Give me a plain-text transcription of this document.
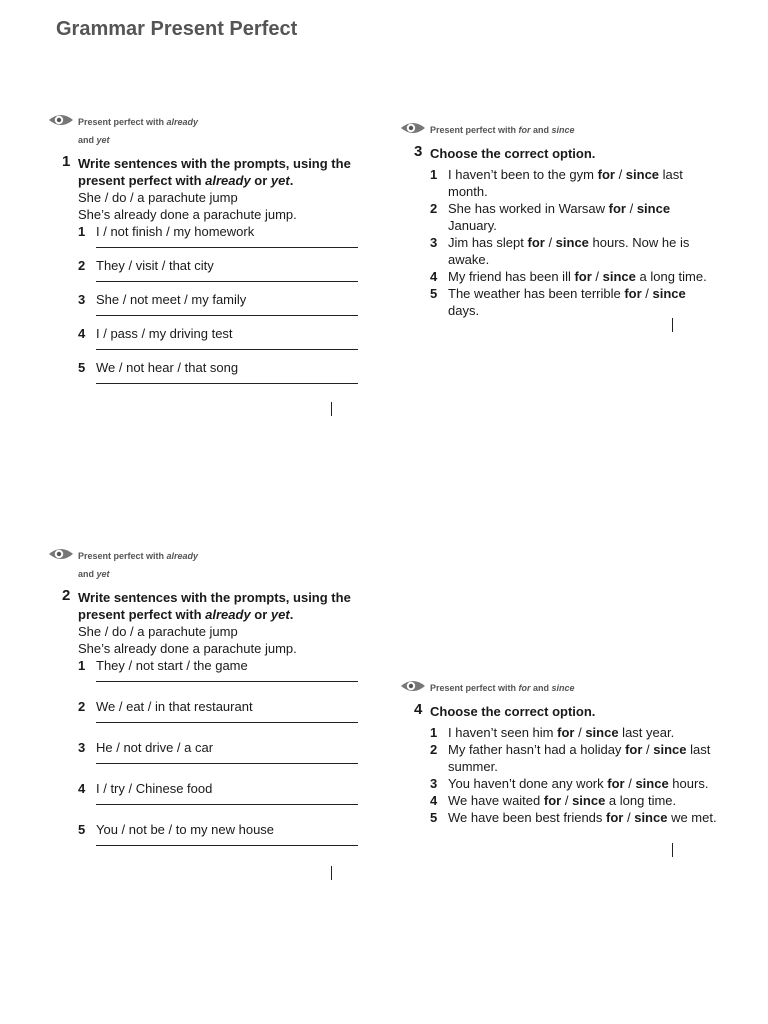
Grammar Present Perfect
Present perfect with already
and yet
1 Write sentences with the prompts, using the present perfect with already or yet.
She / do / a parachute jump
She’s already done a parachute jump.
1 I / not finish / my homework
2 They / visit / that city
3 She / not meet / my family
4 I / pass / my driving test
5 We / not hear / that song
Present perfect with already
and yet
2 Write sentences with the prompts, using the present perfect with already or yet.
She / do / a parachute jump
She’s already done a parachute jump.
1 They / not start / the game
2 We / eat / in that restaurant
3 He / not drive / a car
4 I / try / Chinese food
5 You / not be / to my new house
Present perfect with for and since
3 Choose the correct option.
1 I haven’t been to the gym for / since last month.
2 She has worked in Warsaw for / since January.
3 Jim has slept for / since hours. Now he is awake.
4 My friend has been ill for / since a long time.
5 The weather has been terrible for / since days.
Present perfect with for and since
4 Choose the correct option.
1 I haven’t seen him for / since last year.
2 My father hasn’t had a holiday for / since last summer.
3 You haven’t done any work for / since hours.
4 We have waited for / since a long time.
5 We have been best friends for / since we met.
